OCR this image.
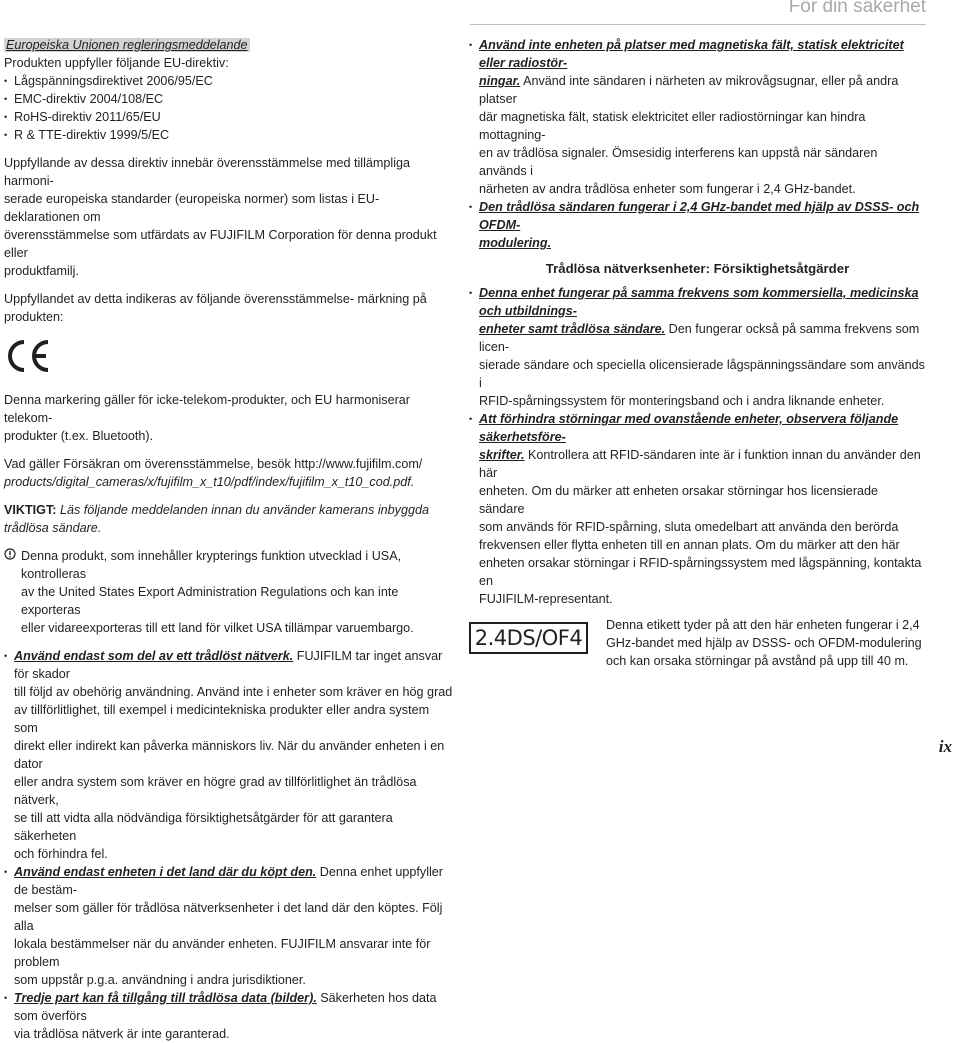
För din säkerhet

Europeiska Unionen regleringsmeddelande

Produkten uppfyller följande EU-direktiv:

• Lågspänningsdirektivet 2006/95/EC
• EMC-direktiv 2004/108/EC
• RoHS-direktiv 2011/65/EU
• R & TTE-direktiv 1999/5/EC

Uppfyllande av dessa direktiv innebär överensstämmelse med tillämpliga harmoni-

serade europeiska standarder (europeiska normer) som listas i EU-deklarationen om

överensstämmelse som utfärdats av FUJIFILM Corporation för denna produkt eller

produktfamilj.

Uppfyllandet av detta indikeras av följande överensstämmelse- märkning på

produkten:

Denna markering gäller för icke-telekom-produkter, och EU harmoniserar telekom-

produkter (t.ex. Bluetooth).

Vad gäller Försäkran om överensstämmelse, besök http://www.fujifilm.com/

products/digital_cameras/x/fujifilm_x_t10/pdf/index/fujifilm_x_t10_cod.pdf.

VIKTIGT: Läs följande meddelanden innan du använder kamerans inbyggda

trådlösa sändare.

Denna produkt, som innehåller krypterings funktion utvecklad i USA, kontrolleras

av the United States Export Administration Regulations och kan inte exporteras

eller vidareexporteras till ett land för vilket USA tillämpar varuembargo.

• Använd endast som del av ett trådlöst nätverk. FUJIFILM tar inget ansvar för skador

till följd av obehörig användning. Använd inte i enheter som kräver en hög grad

av tillförlitlighet, till exempel i medicintekniska produkter eller andra system som

direkt eller indirekt kan påverka människors liv. När du använder enheten i en dator

eller andra system som kräver en högre grad av tillförlitlighet än trådlösa nätverk,

se till att vidta alla nödvändiga försiktighetsåtgärder för att garantera säkerheten

och förhindra fel.

• Använd endast enheten i det land där du köpt den. Denna enhet uppfyller de bestäm-

melser som gäller för trådlösa nätverksenheter i det land där den köptes. Följ alla

lokala bestämmelser när du använder enheten. FUJIFILM ansvarar inte för problem

som uppstår p.g.a. användning i andra jurisdiktioner.

• Tredje part kan få tillgång till trådlösa data (bilder). Säkerheten hos data som överförs

via trådlösa nätverk är inte garanterad.

• Använd inte enheten på platser med magnetiska fält, statisk elektricitet eller radiostör-

ningar. Använd inte sändaren i närheten av mikrovågsugnar, eller på andra platser

där magnetiska fält, statisk elektricitet eller radiostörningar kan hindra mottagning-

en av trådlösa signaler. Ömsesidig interferens kan uppstå när sändaren används i

närheten av andra trådlösa enheter som fungerar i 2,4 GHz-bandet.

• Den trådlösa sändaren fungerar i 2,4 GHz-bandet med hjälp av DSSS- och OFDM-

modulering.

Trådlösa nätverksenheter: Försiktighetsåtgärder
• Denna enhet fungerar på samma frekvens som kommersiella, medicinska och utbildnings-

enheter samt trådlösa sändare. Den fungerar också på samma frekvens som licen-

sierade sändare och speciella olicensierade lågspänningssändare som används i

RFID-spårningssystem för monteringsband och i andra liknande enheter.

• Att förhindra störningar med ovanstående enheter, observera följande säkerhetsföre-

skrifter. Kontrollera att RFID-sändaren inte är i funktion innan du använder den här

enheten. Om du märker att enheten orsakar störningar hos licensierade sändare

som används för RFID-spårning, sluta omedelbart att använda den berörda

frekvensen eller flytta enheten till en annan plats. Om du märker att den här

enheten orsakar störningar i RFID-spårningssystem med lågspänning, kontakta en

FUJIFILM-representant.

2.4DS/OF4

Denna etikett tyder på att den här enheten fungerar i 2,4

GHz-bandet med hjälp av DSSS- och OFDM-modulering

och kan orsaka störningar på avstånd på upp till 40 m.

ix
